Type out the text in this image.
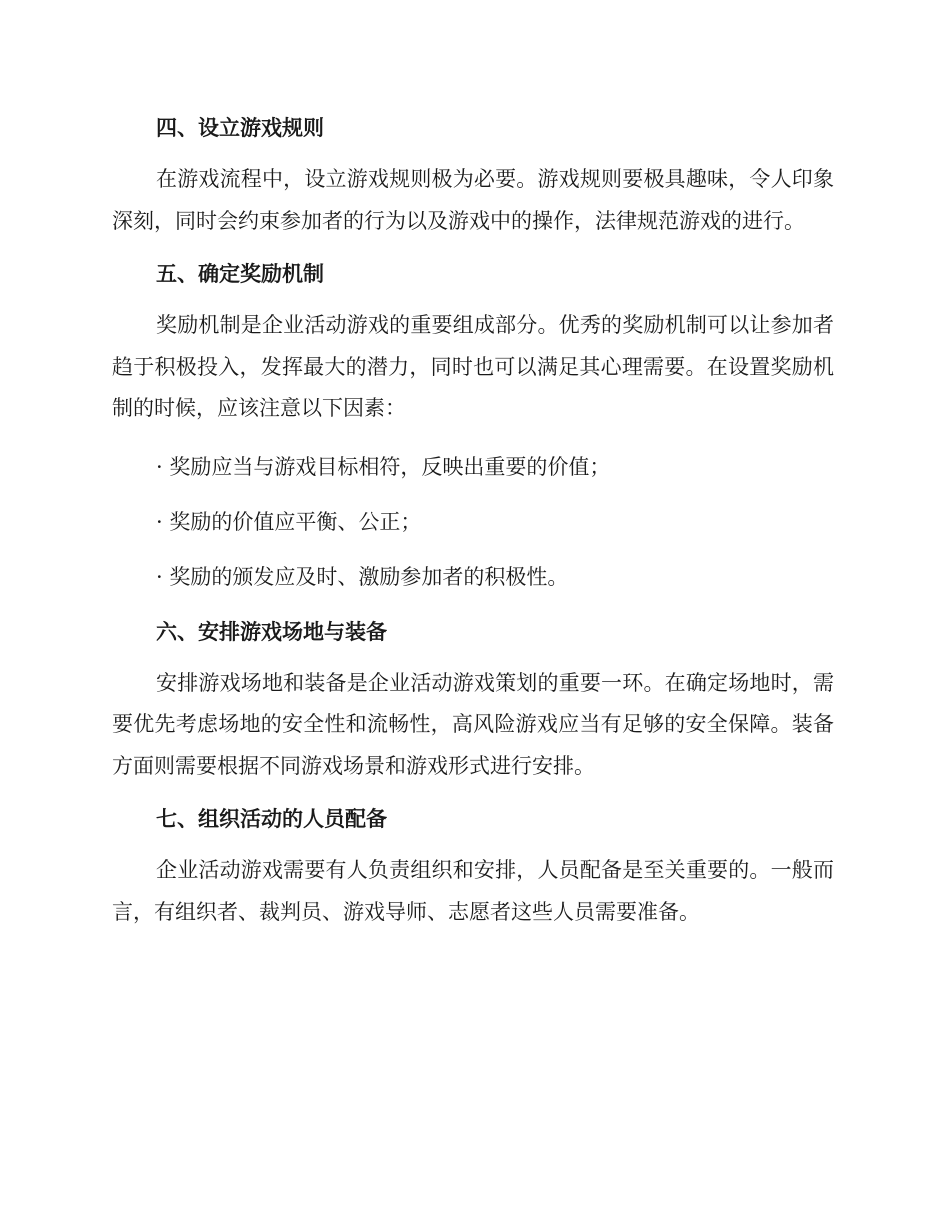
四、设立游戏规则

在游戏流程中，设立游戏规则极为必要。游戏规则要极具趣味，令人印象深刻，同时会约束参加者的行为以及游戏中的操作，法律规范游戏的进行。

五、确定奖励机制

奖励机制是企业活动游戏的重要组成部分。优秀的奖励机制可以让参加者趋于积极投入，发挥最大的潜力，同时也可以满足其心理需要。在设置奖励机制的时候，应该注意以下因素：

· 奖励应当与游戏目标相符，反映出重要的价值；

· 奖励的价值应平衡、公正；

· 奖励的颁发应及时、激励参加者的积极性。

六、安排游戏场地与装备

安排游戏场地和装备是企业活动游戏策划的重要一环。在确定场地时，需要优先考虑场地的安全性和流畅性，高风险游戏应当有足够的安全保障。装备方面则需要根据不同游戏场景和游戏形式进行安排。

七、组织活动的人员配备

企业活动游戏需要有人负责组织和安排，人员配备是至关重要的。一般而言，有组织者、裁判员、游戏导师、志愿者这些人员需要准备。
